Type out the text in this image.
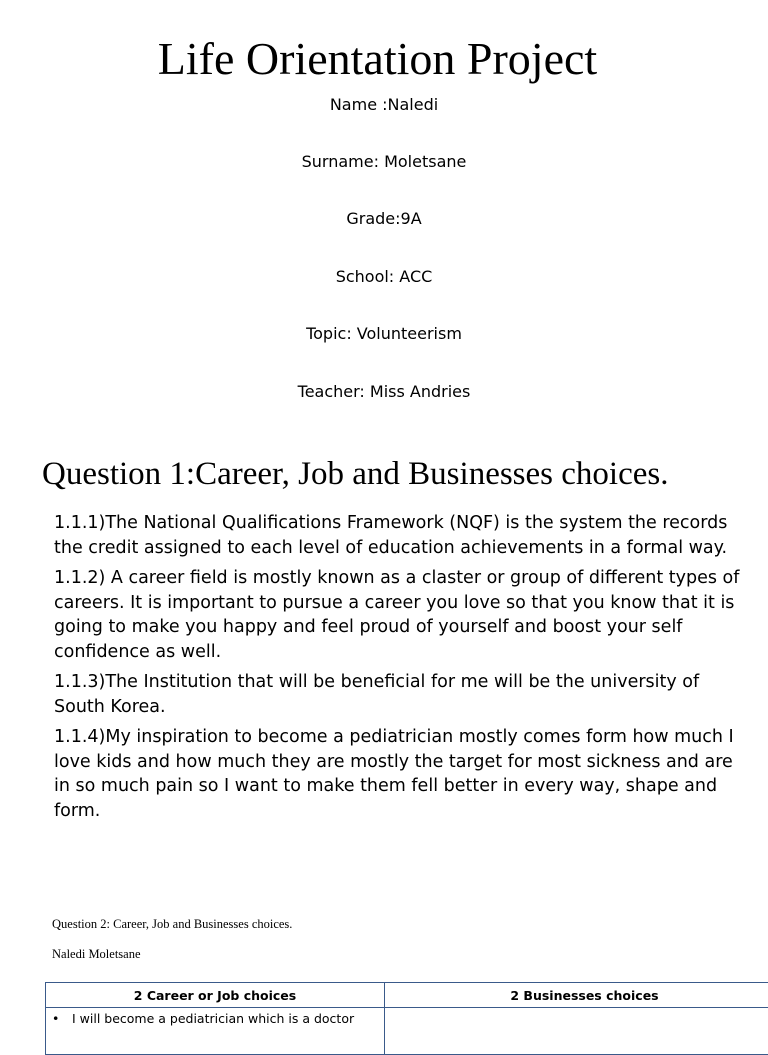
Life Orientation Project
Name :Naledi
Surname: Moletsane
Grade:9A
School: ACC
Topic: Volunteerism
Teacher: Miss Andries
Question 1:Career, Job and Businesses choices.

1.1.1)The National Qualifications Framework (NQF) is the system the records the credit assigned to each level of education achievements in a formal way.

1.1.2) A career field is mostly known as a claster or group of different types of careers. It is important to pursue a career you love so that you know that it is going to make you happy and feel proud of yourself and boost your self confidence as well.

1.1.3)The Institution that will be beneficial for me will be the university of South Korea.

1.1.4)My inspiration to become a pediatrician mostly comes form how much I love kids and how much they are mostly the target for most sickness and are in so much pain so I want to make them fell better in every way, shape and form.

Question 2: Career, Job and Businesses choices.
Naledi Moletsane
2 Career or Job choices	2 Businesses choices
• I will become a pediatrician which is a doctor	
